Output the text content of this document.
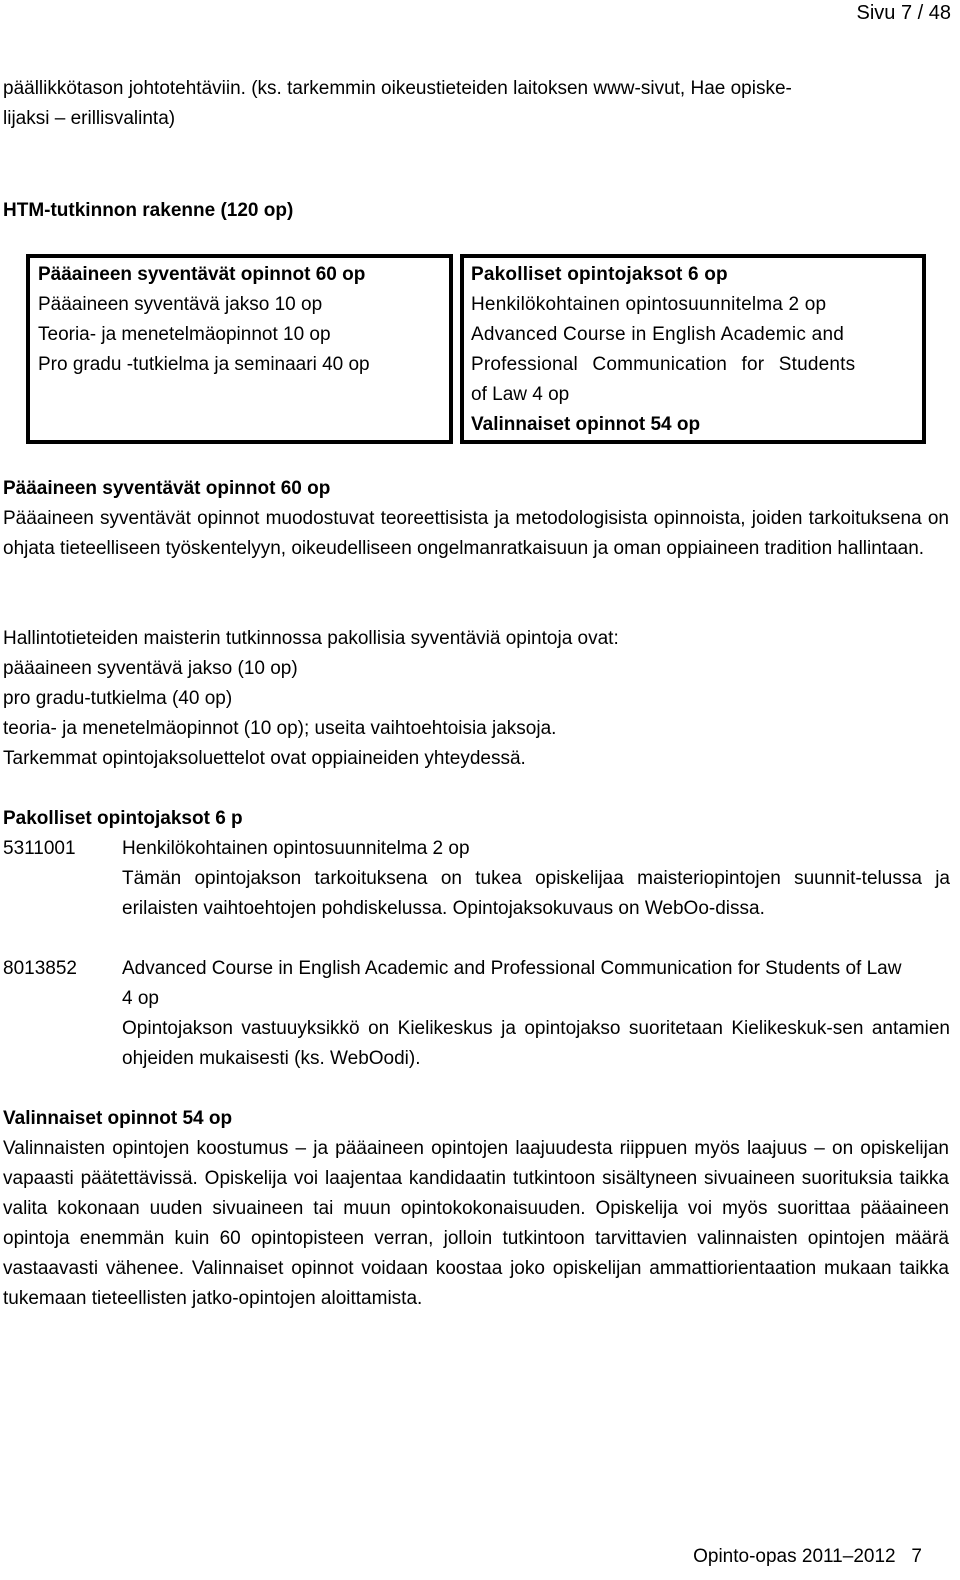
Sivu 7 / 48
päällikkötason johtotehtäviin. (ks. tarkemmin oikeustieteiden laitoksen www-sivut, Hae opiske-
lijaksi – erillisvalinta)
HTM-tutkinnon rakenne (120 op)
Pääaineen syventävät opinnot 60 op
Pääaineen syventävä jakso 10 op
Teoria- ja menetelmäopinnot 10 op
Pro gradu -tutkielma ja seminaari 40 op
Pakolliset opintojaksot 6 op
Henkilökohtainen opintosuunnitelma 2 op
Advanced Course in English Academic and
Professional Communication for Students
of Law 4 op
Valinnaiset opinnot 54 op
Pääaineen syventävät opinnot 60 op
Pääaineen syventävät opinnot muodostuvat teoreettisista ja metodologisista opinnoista, joiden tarkoituksena on ohjata tieteelliseen työskentelyyn, oikeudelliseen ongelmanratkaisuun ja oman oppiaineen tradition hallintaan.
Hallintotieteiden maisterin tutkinnossa pakollisia syventäviä opintoja ovat:
pääaineen syventävä jakso (10 op)
pro gradu-tutkielma (40 op)
teoria- ja menetelmäopinnot (10 op); useita vaihtoehtoisia jaksoja.
Tarkemmat opintojaksoluettelot ovat oppiaineiden yhteydessä.
Pakolliset opintojaksot 6 p
5311001 Henkilökohtainen opintosuunnitelma 2 op
Tämän opintojakson tarkoituksena on tukea opiskelijaa maisteriopintojen suunnit-telussa ja erilaisten vaihtoehtojen pohdiskelussa. Opintojaksokuvaus on WebOo-dissa.
8013852 Advanced Course in English Academic and Professional Communication for Students of Law 4 op
Opintojakson vastuuyksikkö on Kielikeskus ja opintojakso suoritetaan Kielikeskuk-sen antamien ohjeiden mukaisesti (ks. WebOodi).
Valinnaiset opinnot 54 op
Valinnaisten opintojen koostumus – ja pääaineen opintojen laajuudesta riippuen myös laajuus – on opiskelijan vapaasti päätettävissä. Opiskelija voi laajentaa kandidaatin tutkintoon sisältyneen sivuaineen suorituksia taikka valita kokonaan uuden sivuaineen tai muun opintokokonaisuuden. Opiskelija voi myös suorittaa pääaineen opintoja enemmän kuin 60 opintopisteen verran, jolloin tutkintoon tarvittavien valinnaisten opintojen määrä vastaavasti vähenee. Valinnaiset opinnot voidaan koostaa joko opiskelijan ammattiorientaation mukaan taikka tukemaan tieteellisten jatko-opintojen aloittamista.
Opinto-opas 2011–2012   7
